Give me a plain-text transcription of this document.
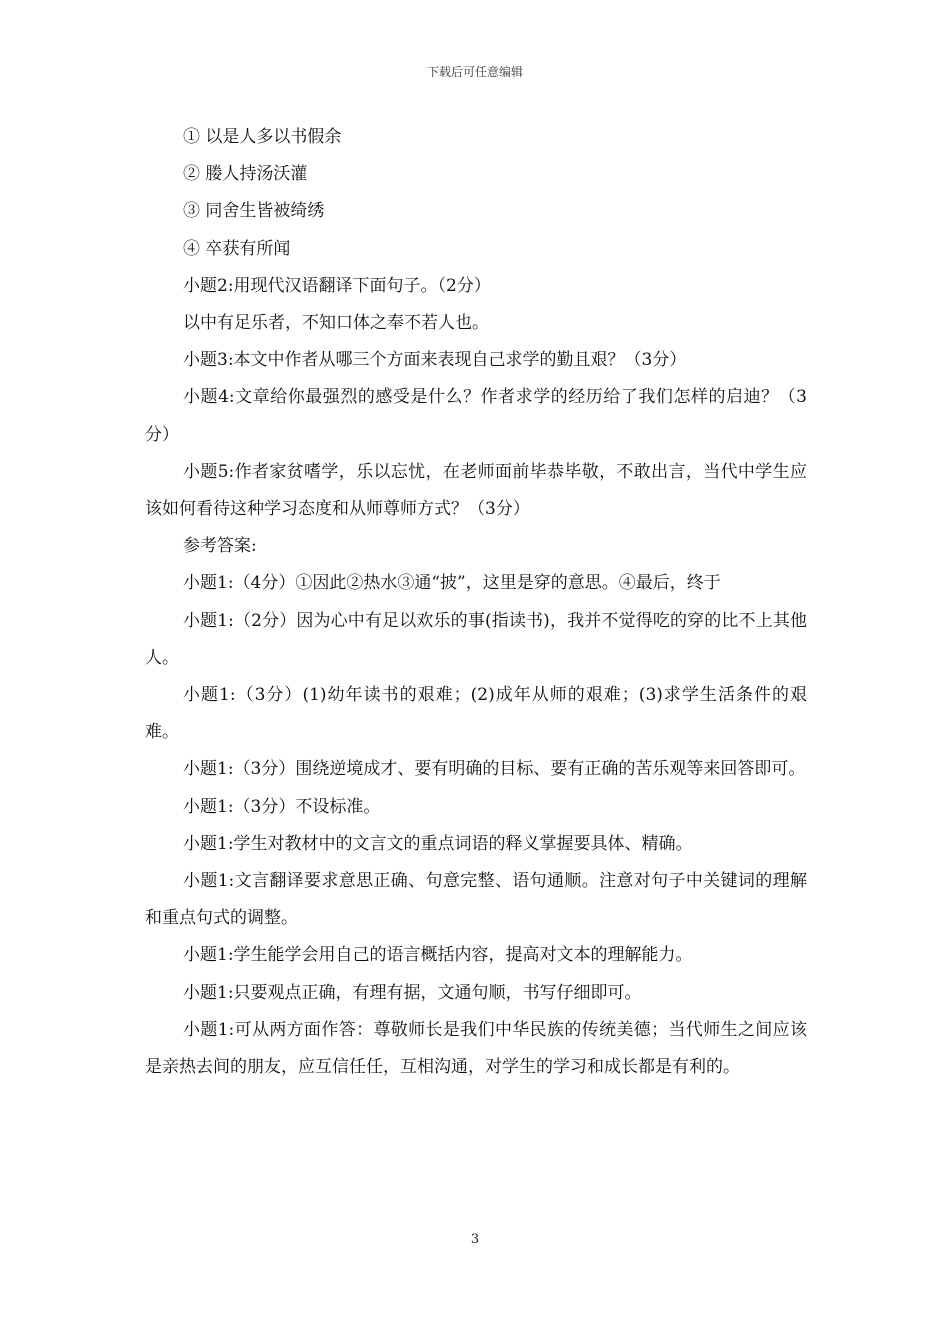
下载后可任意编辑

① 以是人多以书假余

② 媵人持汤沃灌

③ 同舍生皆被绮绣

④ 卒获有所闻

小题2:用现代汉语翻译下面句子。（2分）

以中有足乐者，不知口体之奉不若人也。

小题3:本文中作者从哪三个方面来表现自己求学的勤且艰？（3分）

小题4:文章给你最强烈的感受是什么？作者求学的经历给了我们怎样的启迪？（3分）

小题5:作者家贫嗜学，乐以忘忧，在老师面前毕恭毕敬，不敢出言，当代中学生应该如何看待这种学习态度和从师尊师方式？（3分）

参考答案:

小题1:（4分）①因此②热水③通“披”，这里是穿的意思。④最后，终于

小题1:（2分）因为心中有足以欢乐的事(指读书)，我并不觉得吃的穿的比不上其他人。

小题1:（3分）(1)幼年读书的艰难；(2)成年从师的艰难；(3)求学生活条件的艰难。

小题1:（3分）围绕逆境成才、要有明确的目标、要有正确的苦乐观等来回答即可。

小题1:（3分）不设标准。

小题1:学生对教材中的文言文的重点词语的释义掌握要具体、精确。

小题1:文言翻译要求意思正确、句意完整、语句通顺。注意对句子中关键词的理解和重点句式的调整。

小题1:学生能学会用自己的语言概括内容，提高对文本的理解能力。

小题1:只要观点正确，有理有据，文通句顺，书写仔细即可。

小题1:可从两方面作答：尊敬师长是我们中华民族的传统美德；当代师生之间应该是亲热去间的朋友，应互信任任，互相沟通，对学生的学习和成长都是有利的。

3
